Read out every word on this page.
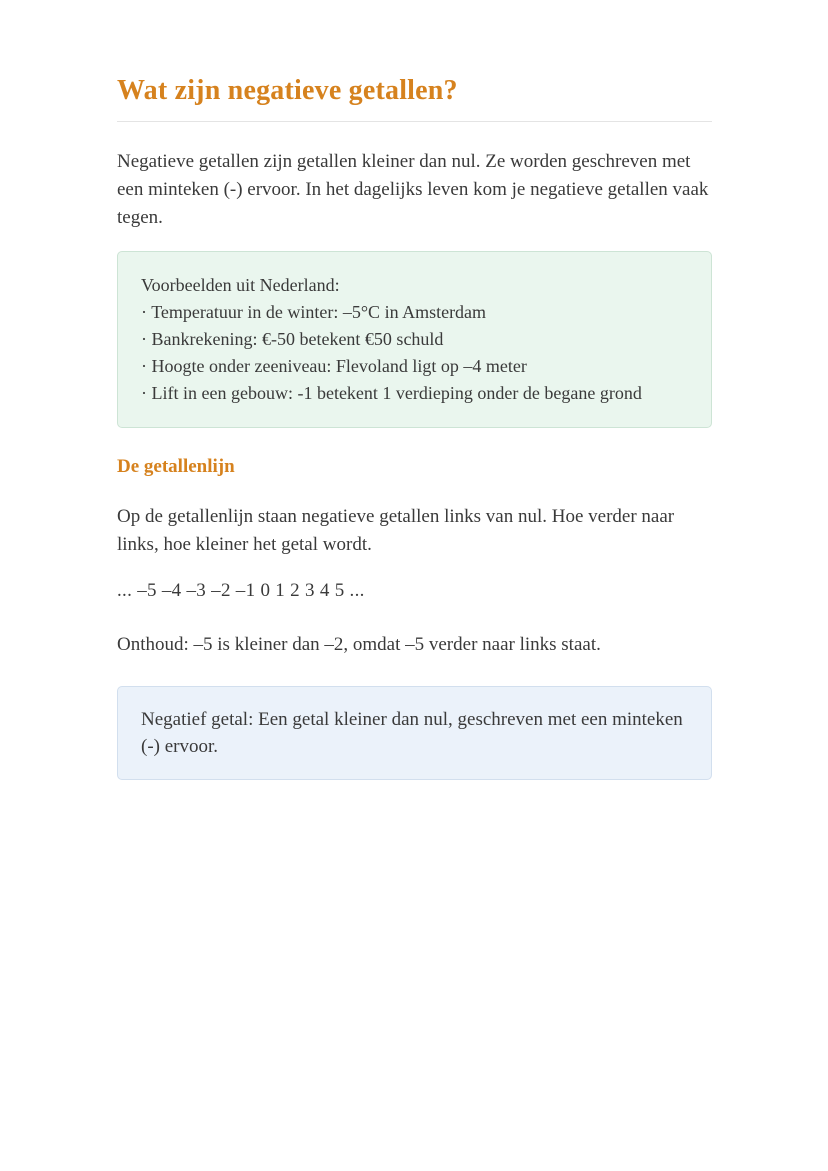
Wat zijn negatieve getallen?

Negatieve getallen zijn getallen kleiner dan nul. Ze worden geschreven met een minteken (-) ervoor. In het dagelijks leven kom je negatieve getallen vaak tegen.

Voorbeelden uit Nederland:
· Temperatuur in de winter: –5°C in Amsterdam
· Bankrekening: €-50 betekent €50 schuld
· Hoogte onder zeeniveau: Flevoland ligt op –4 meter
· Lift in een gebouw: -1 betekent 1 verdieping onder de begane grond
De getallenlijn

Op de getallenlijn staan negatieve getallen links van nul. Hoe verder naar links, hoe kleiner het getal wordt.

... –5 –4 –3 –2 –1 0 1 2 3 4 5 ...

Onthoud: –5 is kleiner dan –2, omdat –5 verder naar links staat.

Negatief getal: Een getal kleiner dan nul, geschreven met een minteken (-) ervoor.
